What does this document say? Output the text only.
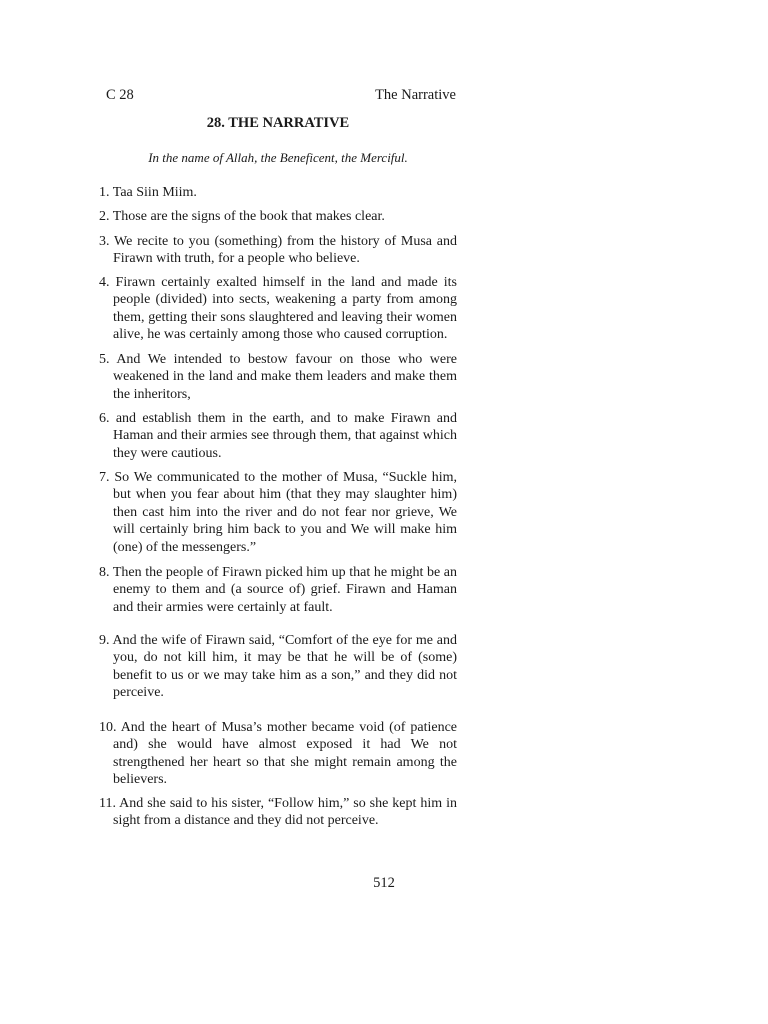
C 28	The Narrative
28. THE NARRATIVE
In the name of Allah, the Beneficent, the Merciful.
1. Taa Siin Miim.
2. Those are the signs of the book that makes clear.
3. We recite to you (something) from the history of Musa and Firawn with truth, for a people who believe.
4. Firawn certainly exalted himself in the land and made its people (divided) into sects, weakening a party from among them, getting their sons slaughtered and leaving their women alive, he was certainly among those who caused corruption.
5. And We intended to bestow favour on those who were weakened in the land and make them leaders and make them the inheritors,
6. and establish them in the earth, and to make Firawn and Haman and their armies see through them, that against which they were cautious.
7. So We communicated to the mother of Musa, “Suckle him, but when you fear about him (that they may slaughter him) then cast him into the river and do not fear nor grieve, We will certainly bring him back to you and We will make him (one) of the messengers.”
8. Then the people of Firawn picked him up that he might be an enemy to them and (a source of) grief. Firawn and Haman and their armies were certainly at fault.
9. And the wife of Firawn said, “Comfort of the eye for me and you, do not kill him, it may be that he will be of (some) benefit to us or we may take him as a son,” and they did not perceive.
10. And the heart of Musa’s mother became void (of patience and) she would have almost exposed it had We not strengthened her heart so that she might remain among the believers.
11. And she said to his sister, “Follow him,” so she kept him in sight from a distance and they did not perceive.
512
